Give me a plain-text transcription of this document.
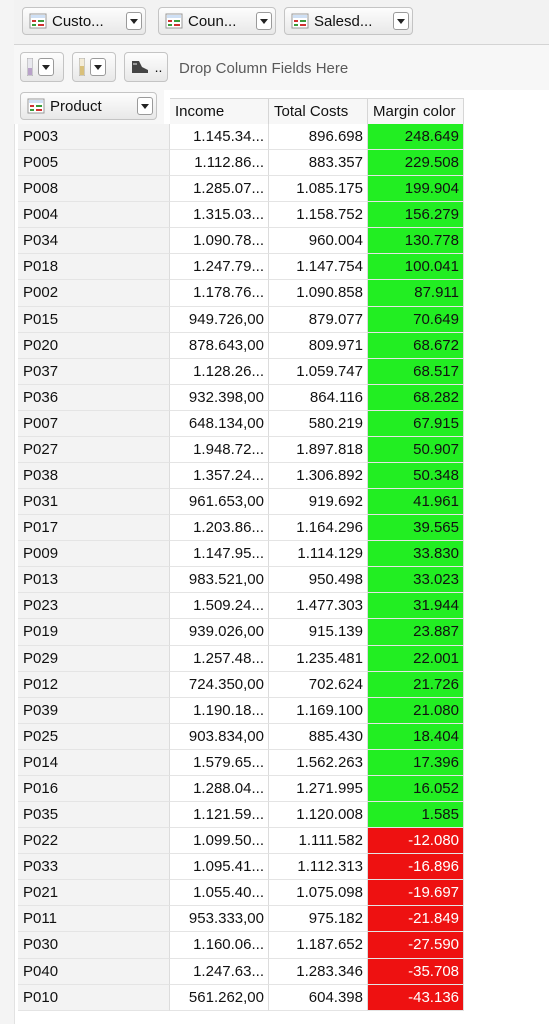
Custo...	Coun...	Salesd...
.. Drop Column Fields Here
Product	Income	Total Costs	Margin color
P003	1.145.34...	896.698	248.649
P005	1.112.86...	883.357	229.508
P008	1.285.07...	1.085.175	199.904
P004	1.315.03...	1.158.752	156.279
P034	1.090.78...	960.004	130.778
P018	1.247.79...	1.147.754	100.041
P002	1.178.76...	1.090.858	87.911
P015	949.726,00	879.077	70.649
P020	878.643,00	809.971	68.672
P037	1.128.26...	1.059.747	68.517
P036	932.398,00	864.116	68.282
P007	648.134,00	580.219	67.915
P027	1.948.72...	1.897.818	50.907
P038	1.357.24...	1.306.892	50.348
P031	961.653,00	919.692	41.961
P017	1.203.86...	1.164.296	39.565
P009	1.147.95...	1.114.129	33.830
P013	983.521,00	950.498	33.023
P023	1.509.24...	1.477.303	31.944
P019	939.026,00	915.139	23.887
P029	1.257.48...	1.235.481	22.001
P012	724.350,00	702.624	21.726
P039	1.190.18...	1.169.100	21.080
P025	903.834,00	885.430	18.404
P014	1.579.65...	1.562.263	17.396
P016	1.288.04...	1.271.995	16.052
P035	1.121.59...	1.120.008	1.585
P022	1.099.50...	1.111.582	-12.080
P033	1.095.41...	1.112.313	-16.896
P021	1.055.40...	1.075.098	-19.697
P011	953.333,00	975.182	-21.849
P030	1.160.06...	1.187.652	-27.590
P040	1.247.63...	1.283.346	-35.708
P010	561.262,00	604.398	-43.136
